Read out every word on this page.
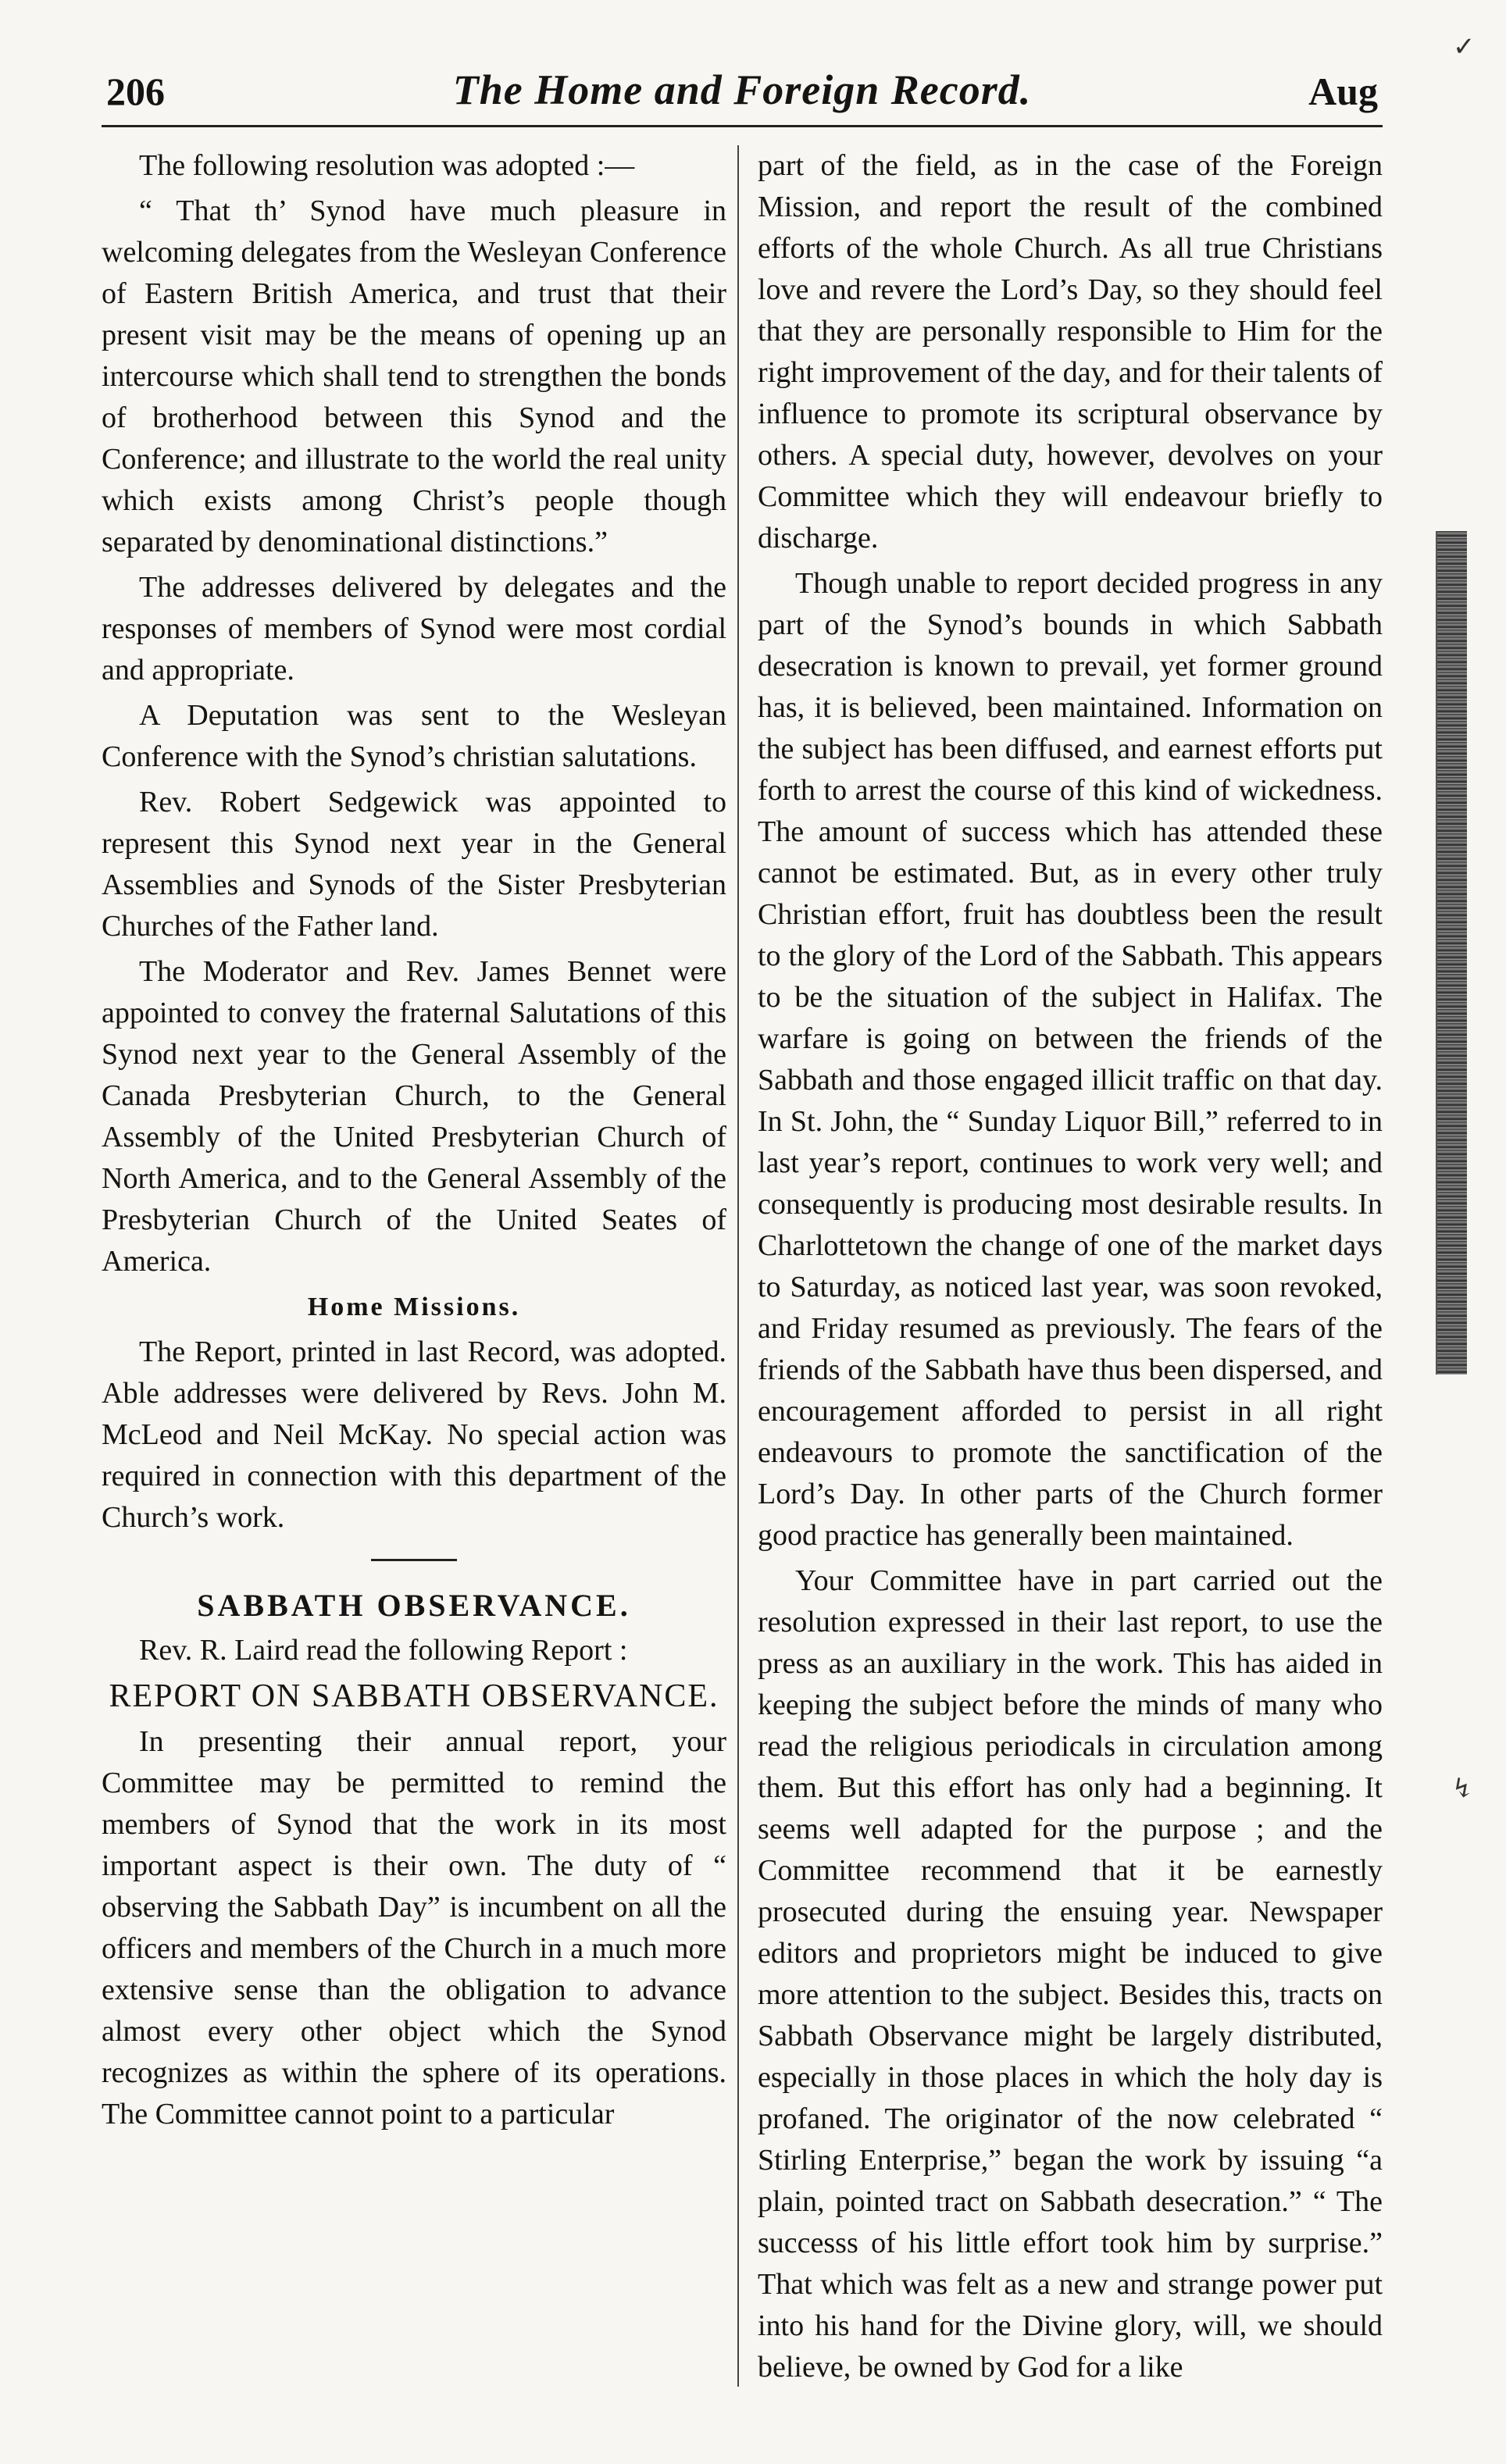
206	The Home and Foreign Record.	Aug

The following resolution was adopted :—

“ That th’ Synod have much pleasure in welcoming delegates from the Wesleyan Conference of Eastern British America, and trust that their present visit may be the means of opening up an intercourse which shall tend to strengthen the bonds of brotherhood between this Synod and the Conference; and illustrate to the world the real unity which exists among Christ’s people though separated by denominational distinctions.”

The addresses delivered by delegates and the responses of members of Synod were most cordial and appropriate.

A Deputation was sent to the Wesleyan Conference with the Synod’s christian salutations.

Rev. Robert Sedgewick was appointed to represent this Synod next year in the General Assemblies and Synods of the Sister Presbyterian Churches of the Father land.

The Moderator and Rev. James Bennet were appointed to convey the fraternal Salutations of this Synod next year to the General Assembly of the Canada Presbyterian Church, to the General Assembly of the United Presbyterian Church of North America, and to the General Assembly of the Presbyterian Church of the United Seates of America.

Home Missions.

The Report, printed in last Record, was adopted. Able addresses were delivered by Revs. John M. McLeod and Neil McKay. No special action was required in connection with this department of the Church’s work.

SABBATH OBSERVANCE.

Rev. R. Laird read the following Report :

REPORT ON SABBATH OBSERVANCE.

In presenting their annual report, your Committee may be permitted to remind the members of Synod that the work in its most important aspect is their own. The duty of “ observing the Sabbath Day” is incumbent on all the officers and members of the Church in a much more extensive sense than the obligation to advance almost every other object which the Synod recognizes as within the sphere of its operations. The Committee cannot point to a particular

part of the field, as in the case of the Foreign Mission, and report the result of the combined efforts of the whole Church. As all true Christians love and revere the Lord’s Day, so they should feel that they are personally responsible to Him for the right improvement of the day, and for their talents of influence to promote its scriptural observance by others. A special duty, however, devolves on your Committee which they will endeavour briefly to discharge.

Though unable to report decided progress in any part of the Synod’s bounds in which Sabbath desecration is known to prevail, yet former ground has, it is believed, been maintained. Information on the subject has been diffused, and earnest efforts put forth to arrest the course of this kind of wickedness. The amount of success which has attended these cannot be estimated. But, as in every other truly Christian effort, fruit has doubtless been the result to the glory of the Lord of the Sabbath. This appears to be the situation of the subject in Halifax. The warfare is going on between the friends of the Sabbath and those engaged illicit traffic on that day. In St. John, the “ Sunday Liquor Bill,” referred to in last year’s report, continues to work very well; and consequently is producing most desirable results. In Charlottetown the change of one of the market days to Saturday, as noticed last year, was soon revoked, and Friday resumed as previously. The fears of the friends of the Sabbath have thus been dispersed, and encouragement afforded to persist in all right endeavours to promote the sanctification of the Lord’s Day. In other parts of the Church former good practice has generally been maintained.

Your Committee have in part carried out the resolution expressed in their last report, to use the press as an auxiliary in the work. This has aided in keeping the subject before the minds of many who read the religious periodicals in circulation among them. But this effort has only had a beginning. It seems well adapted for the purpose ; and the Committee recommend that it be earnestly prosecuted during the ensuing year. Newspaper editors and proprietors might be induced to give more attention to the subject. Besides this, tracts on Sabbath Observance might be largely distributed, especially in those places in which the holy day is profaned. The originator of the now celebrated “ Stirling Enterprise,” began the work by issuing “a plain, pointed tract on Sabbath desecration.” “ The successs of his little effort took him by surprise.” That which was felt as a new and strange power put into his hand for the Divine glory, will, we should believe, be owned by God for a like

✓
↯
